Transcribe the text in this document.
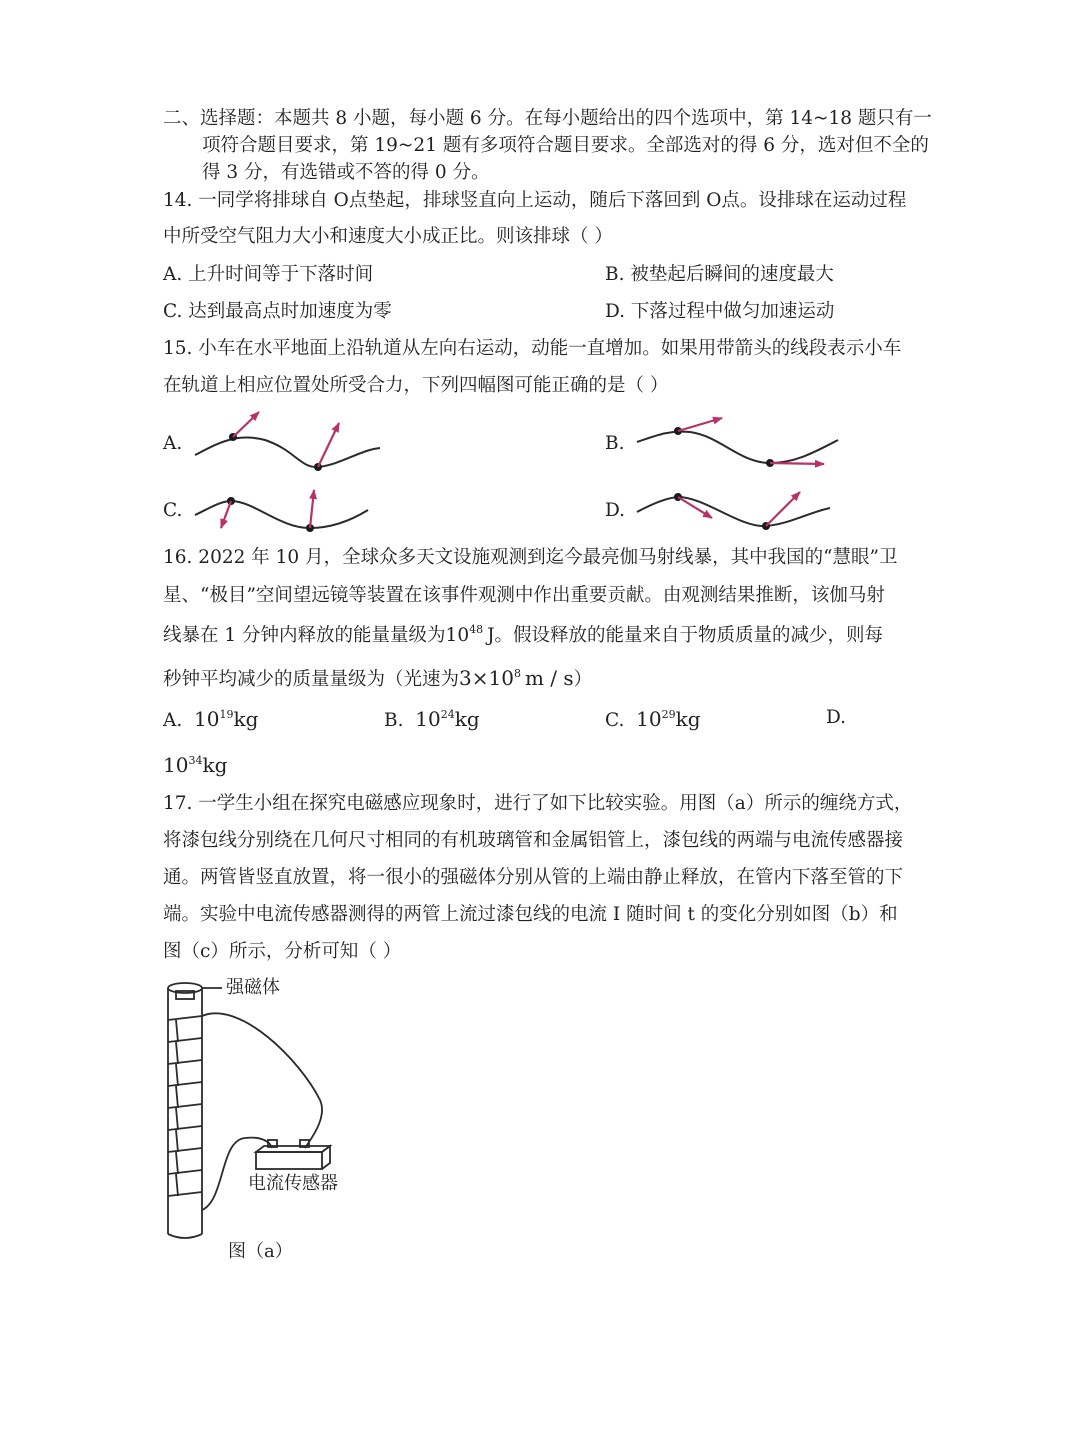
二、选择题：本题共 8 小题，每小题 6 分。在每小题给出的四个选项中，第 14~18 题只有一
项符合题目要求，第 19~21 题有多项符合题目要求。全部选对的得 6 分，选对但不全的
得 3 分，有选错或不答的得 0 分。
14. 一同学将排球自 O点垫起，排球竖直向上运动，随后下落回到 O点。设排球在运动过程
中所受空气阻力大小和速度大小成正比。则该排球（ ）
A. 上升时间等于下落时间	B. 被垫起后瞬间的速度最大
C. 达到最高点时加速度为零	D. 下落过程中做匀加速运动
15. 小车在水平地面上沿轨道从左向右运动，动能一直增加。如果用带箭头的线段表示小车
在轨道上相应位置处所受合力，下列四幅图可能正确的是（ ）
A.	B.
C.	D.
16. 2022 年 10 月，全球众多天文设施观测到迄今最亮伽马射线暴，其中我国的“慧眼”卫
星、“极目”空间望远镜等装置在该事件观测中作出重要贡献。由观测结果推断，该伽马射
线暴在 1 分钟内释放的能量量级为$10^{48}$ J。假设释放的能量来自于物质质量的减少，则每
秒钟平均减少的质量量级为（光速为$3\times 10^8$ m / s）
A. $10^{19}kg$	B. $10^{24}kg$	C. $10^{29}kg$	D.
$10^{34}kg$
17. 一学生小组在探究电磁感应现象时，进行了如下比较实验。用图（a）所示的缠绕方式，
将漆包线分别绕在几何尺寸相同的有机玻璃管和金属铝管上，漆包线的两端与电流传感器接
通。两管皆竖直放置，将一很小的强磁体分别从管的上端由静止释放，在管内下落至管的下
端。实验中电流传感器测得的两管上流过漆包线的电流 I 随时间 t 的变化分别如图（b）和
图（c）所示，分析可知（ ）
强磁体
电流传感器
图（a）
